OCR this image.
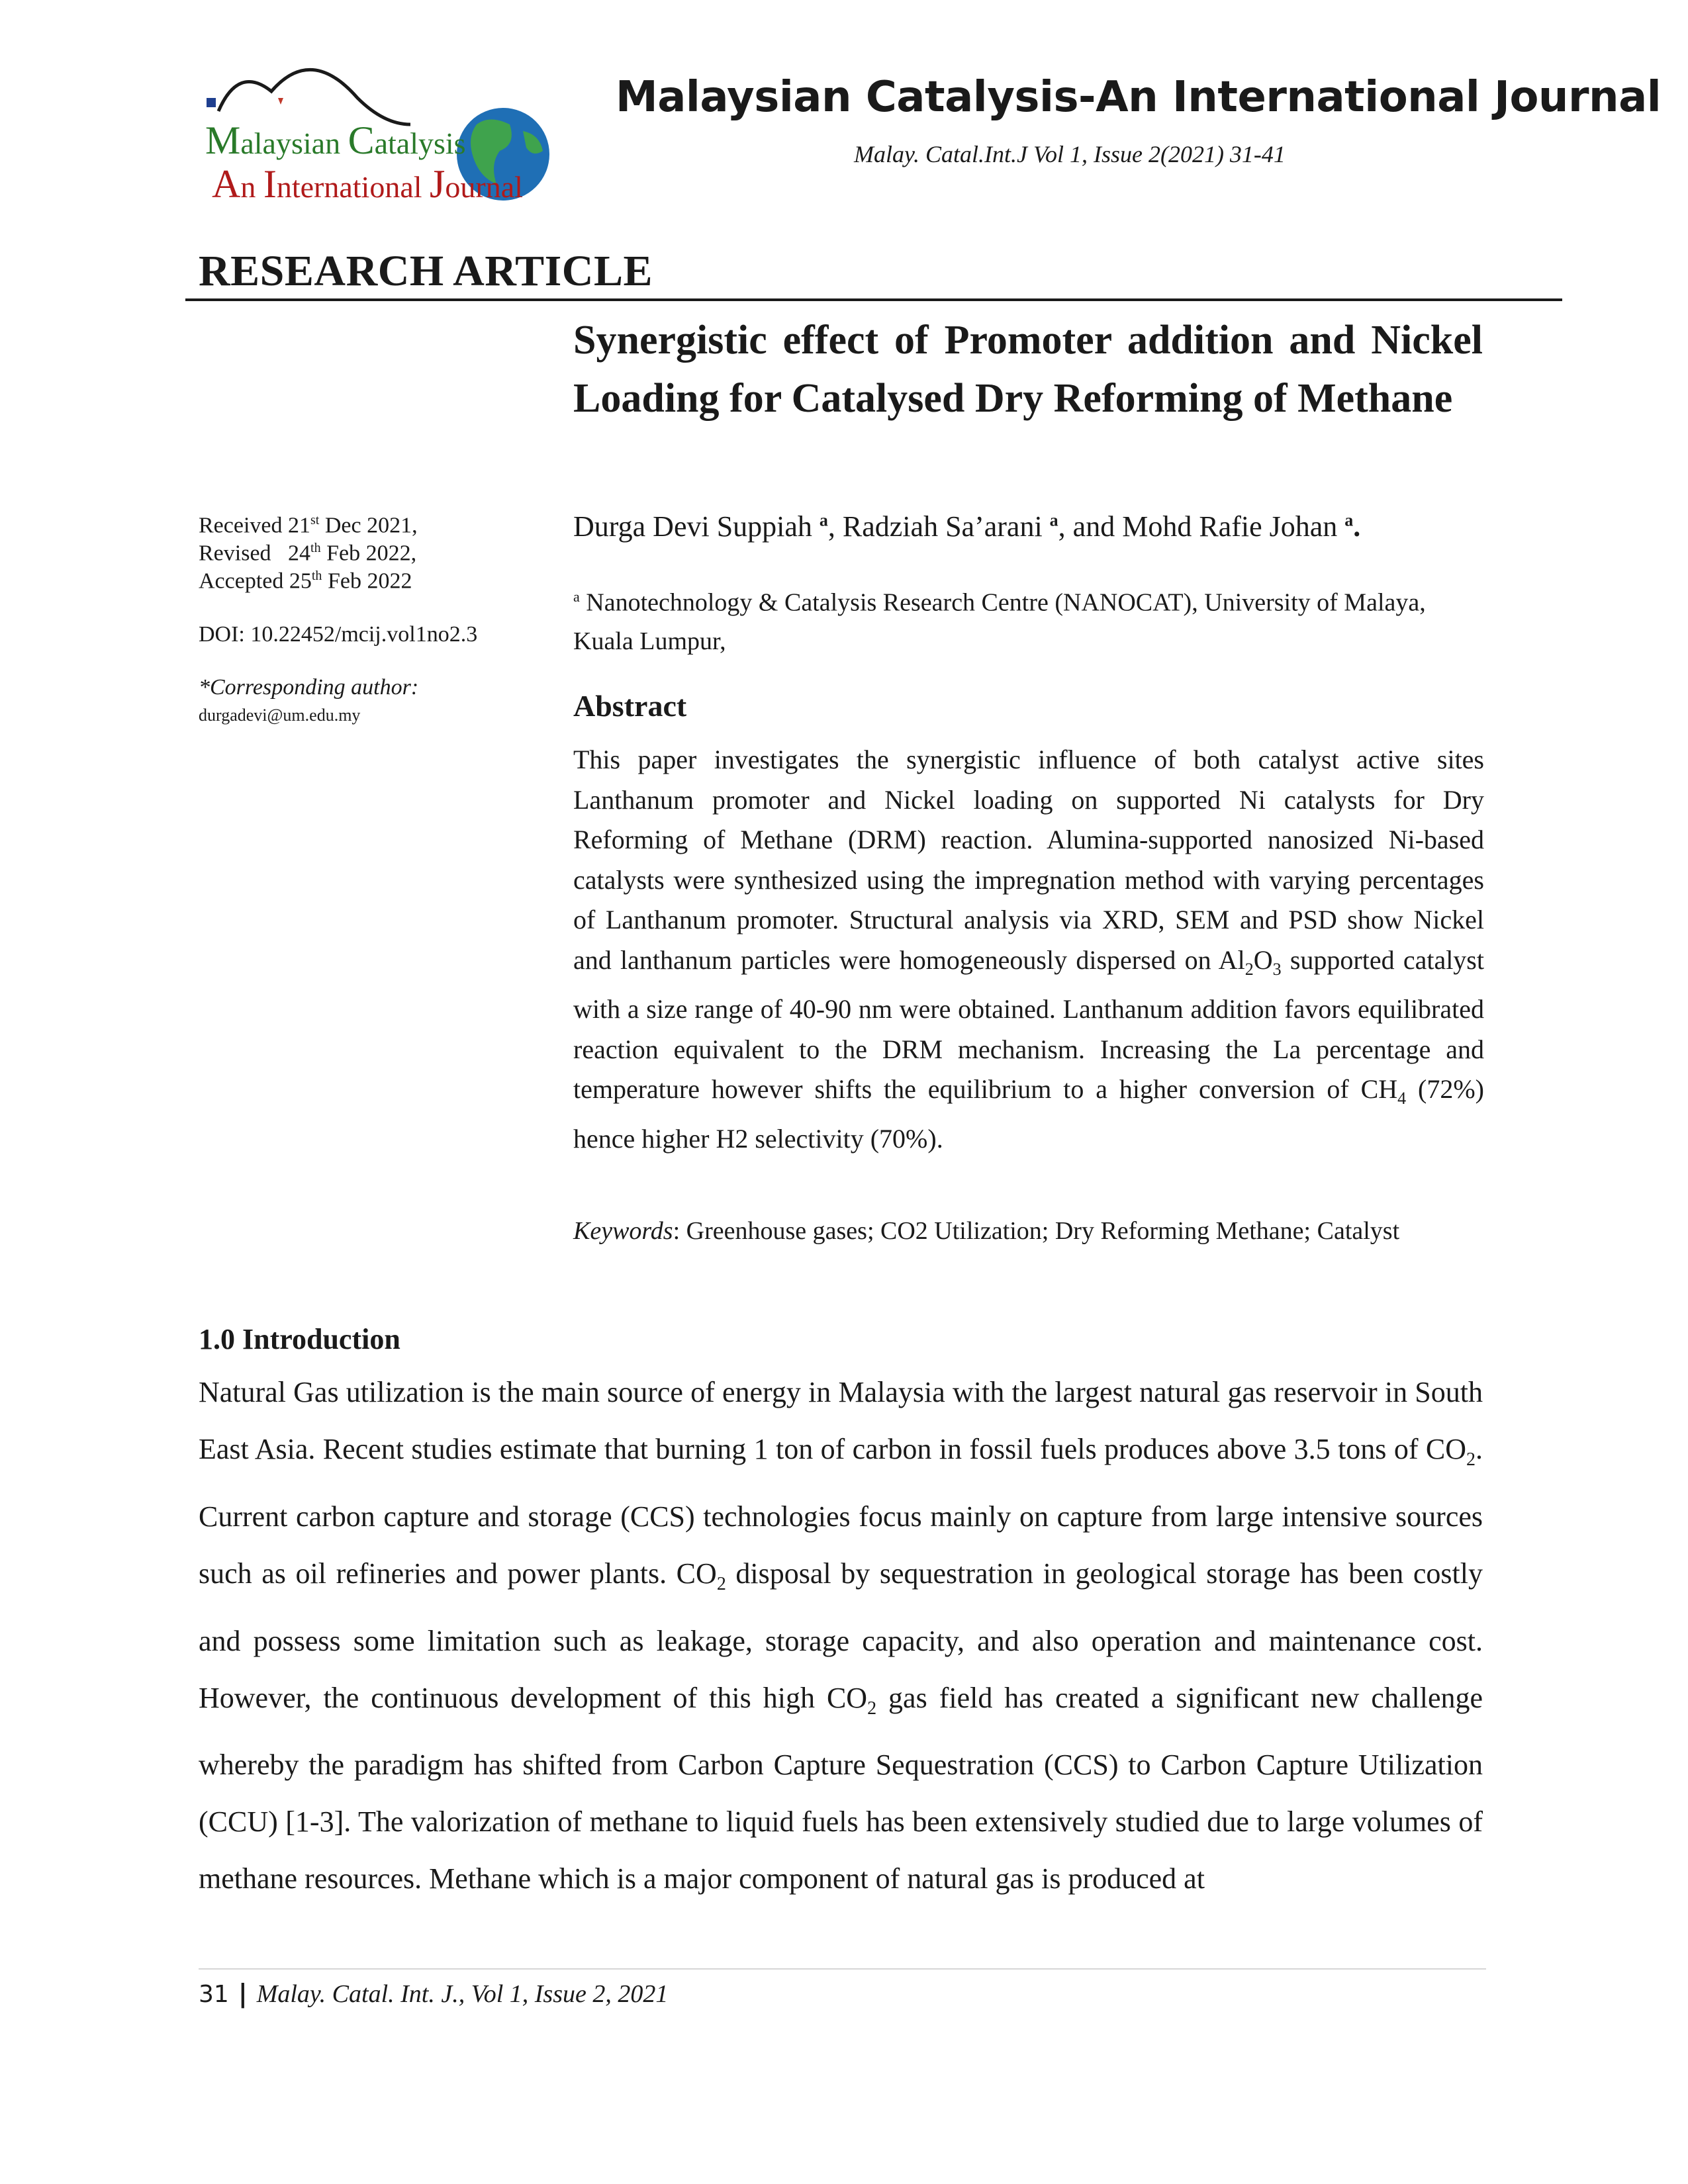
Malaysian Catalysis
An International Journal
Malaysian Catalysis-An International Journal
Malay. Catal.Int.J Vol 1, Issue 2(2021) 31-41
RESEARCH ARTICLE
Synergistic effect of Promoter addition and Nickel Loading for Catalysed Dry Reforming of Methane
Durga Devi Suppiah $^a$, Radziah Sa’arani $^a$, and Mohd Rafie Johan $^a$.
$^a$ Nanotechnology & Catalysis Research Centre (NANOCAT), University of Malaya, Kuala Lumpur,
Received 21st Dec 2021,
Revised   24th Feb 2022,
Accepted 25th Feb 2022
DOI: 10.22452/mcij.vol1no2.3
*Corresponding author:
durgadevi@um.edu.my	Abstract
This paper investigates the synergistic influence of both catalyst active sites Lanthanum promoter and Nickel loading on supported Ni catalysts for Dry Reforming of Methane (DRM) reaction. Alumina-supported nanosized Ni-based catalysts were synthesized using the impregnation method with varying percentages of Lanthanum promoter. Structural analysis via XRD, SEM and PSD show Nickel and lanthanum particles were homogeneously dispersed on $Al_2O_3$ supported catalyst with a size range of 40-90 nm were obtained. Lanthanum addition favors equilibrated reaction equivalent to the DRM mechanism. Increasing the La percentage and temperature however shifts the equilibrium to a higher conversion of $CH_4$ (72%) hence higher H2 selectivity (70%).
Keywords: Greenhouse gases; CO2 Utilization; Dry Reforming Methane; Catalyst
1.0 Introduction
Natural Gas utilization is the main source of energy in Malaysia with the largest natural gas reservoir in South East Asia. Recent studies estimate that burning 1 ton of carbon in fossil fuels produces above 3.5 tons of $CO_2$. Current carbon capture and storage (CCS) technologies focus mainly on capture from large intensive sources such as oil refineries and power plants. $CO_2$ disposal by sequestration in geological storage has been costly and possess some limitation such as leakage, storage capacity, and also operation and maintenance cost. However, the continuous development of this high $CO_2$ gas field has created a significant new challenge whereby the paradigm has shifted from Carbon Capture Sequestration (CCS) to Carbon Capture Utilization (CCU) [1-3]. The valorization of methane to liquid fuels has been extensively studied due to large volumes of methane resources. Methane which is a major component of natural gas is produced at
31 | Malay. Catal. Int. J., Vol 1, Issue 2, 2021
